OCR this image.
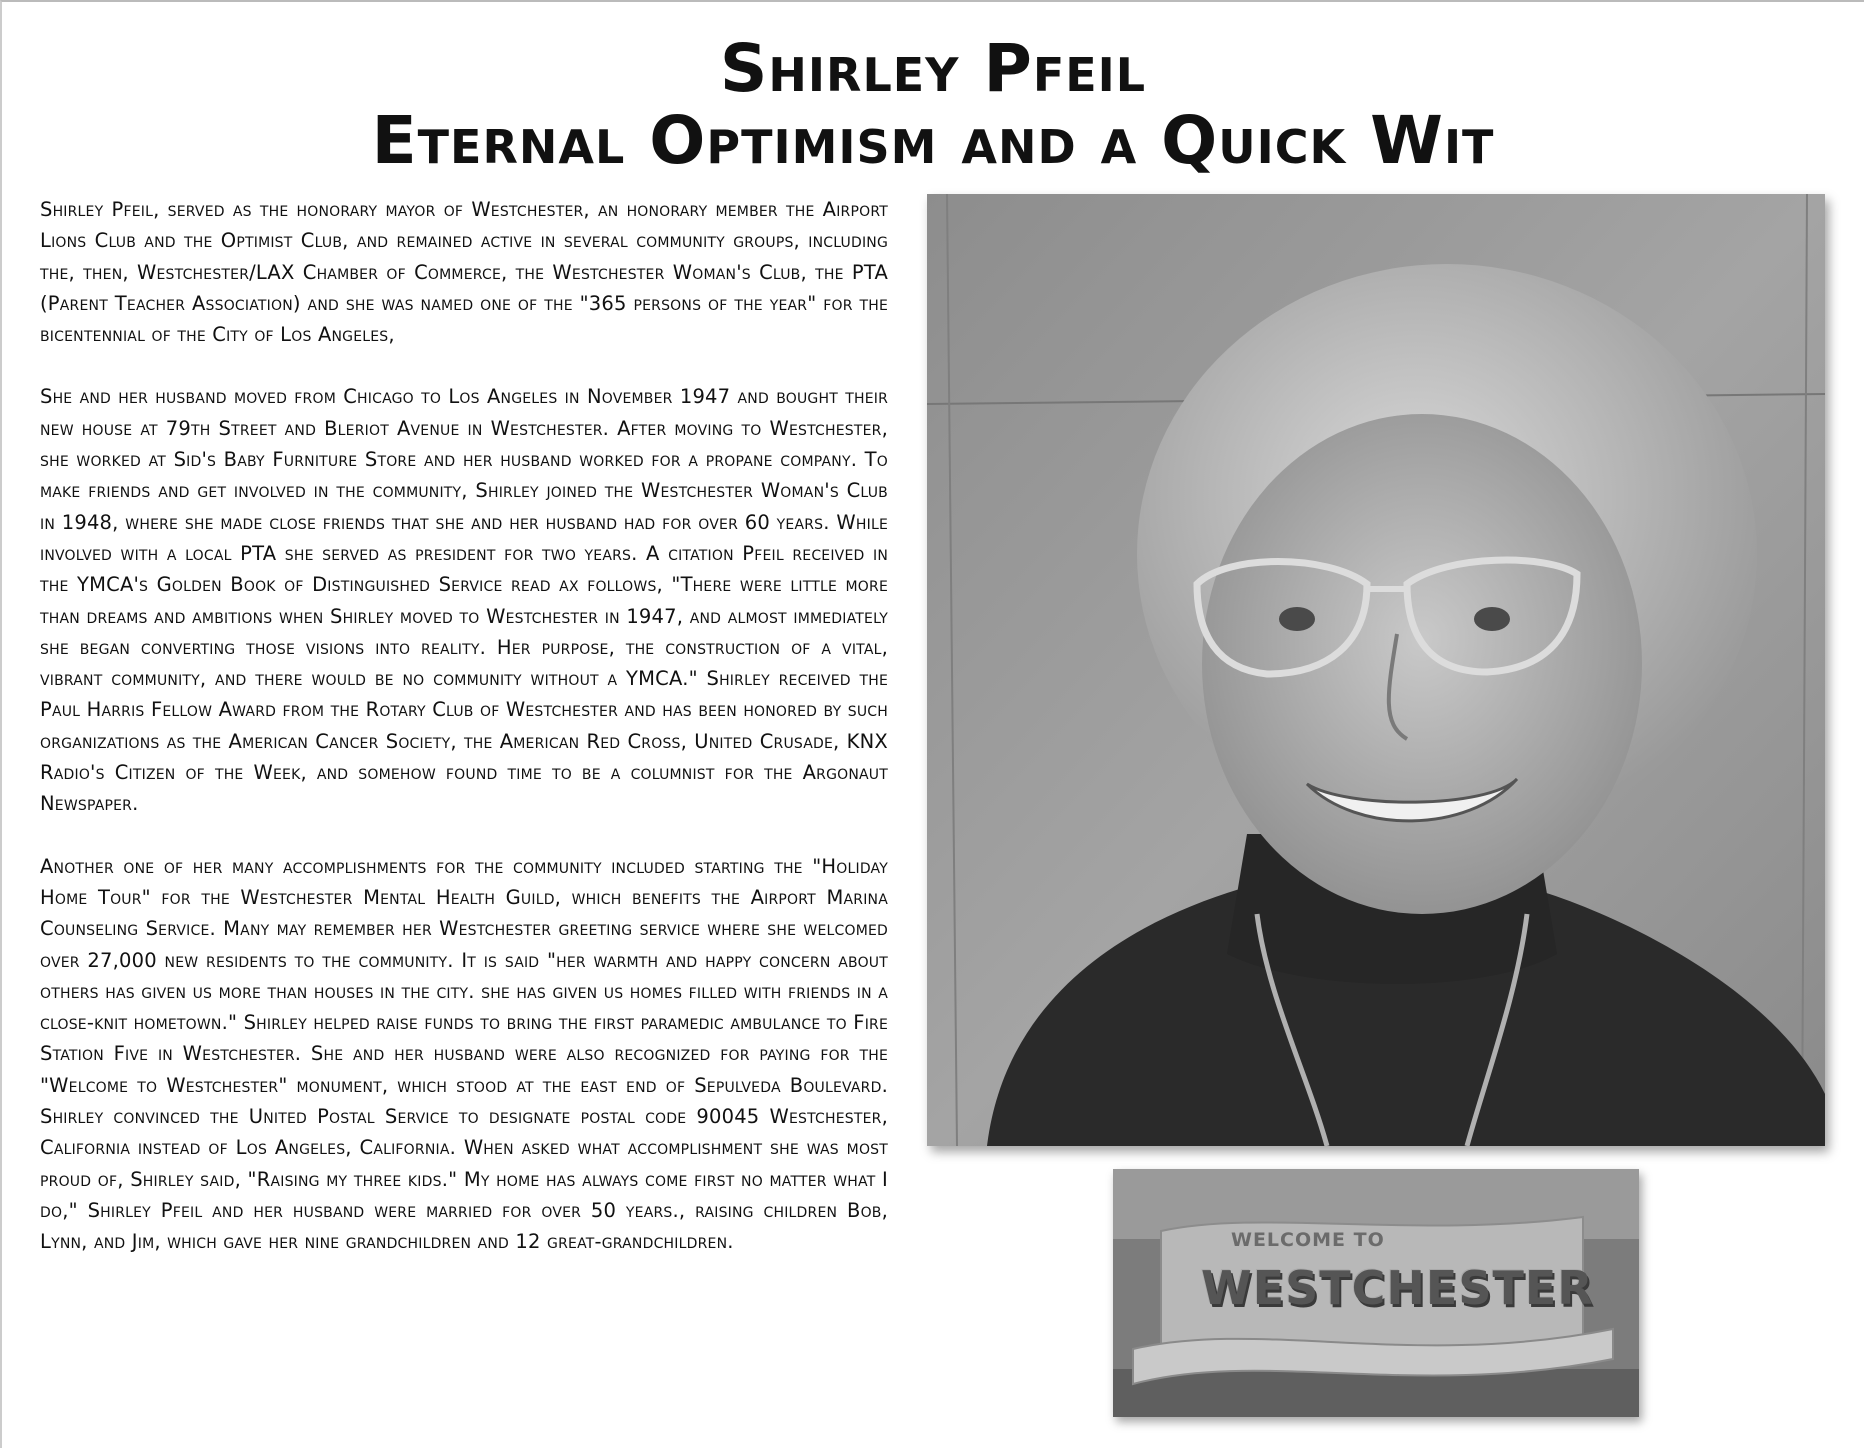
Shirley Pfeil
Eternal Optimism and a Quick Wit

Shirley Pfeil, served as the honorary mayor of Westchester, an honorary member the Airport Lions Club and the Optimist Club, and remained active in several community groups, including the, then, Westchester/LAX Chamber of Commerce, the Westchester Woman's Club, the PTA (Parent Teacher Association) and she was named one of the "365 persons of the year" for the bicentennial of the City of Los Angeles,

She and her husband moved from Chicago to Los Angeles in November 1947 and bought their new house at 79th Street and Bleriot Avenue in Westchester. After moving to Westchester, she worked at Sid's Baby Furniture Store and her husband worked for a propane company. To make friends and get involved in the community, Shirley joined the Westchester Woman's Club in 1948, where she made close friends that she and her husband had for over 60 years. While involved with a local PTA she served as president for two years. A citation Pfeil received in the YMCA's Golden Book of Distinguished Service read ax follows, "There were little more than dreams and ambitions when Shirley moved to Westchester in 1947, and almost immediately she began converting those visions into reality. Her purpose, the construction of a vital, vibrant community, and there would be no community without a YMCA." Shirley received the Paul Harris Fellow Award from the Rotary Club of Westchester and has been honored by such organizations as the American Cancer Society, the American Red Cross, United Crusade, KNX Radio's Citizen of the Week, and somehow found time to be a columnist for the Argonaut Newspaper.

Another one of her many accomplishments for the community included starting the "Holiday Home Tour" for the Westchester Mental Health Guild, which benefits the Airport Marina Counseling Service. Many may remember her Westchester greeting service where she welcomed over 27,000 new residents to the community. It is said "her warmth and happy concern about others has given us more than houses in the city. she has given us homes filled with friends in a close-knit hometown." Shirley helped raise funds to bring the first paramedic ambulance to Fire Station Five in Westchester. She and her husband were also recognized for paying for the "Welcome to Westchester" monument, which stood at the east end of Sepulveda Boulevard. Shirley convinced the United Postal Service to designate postal code 90045 Westchester, California instead of Los Angeles, California. When asked what accomplishment she was most proud of, Shirley said, "Raising my three kids." My home has always come first no matter what I do," Shirley Pfeil and her husband were married for over 50 years., raising children Bob, Lynn, and Jim, which gave her nine grandchildren and 12 great-grandchildren.	WELCOME TO
WESTCHESTER
